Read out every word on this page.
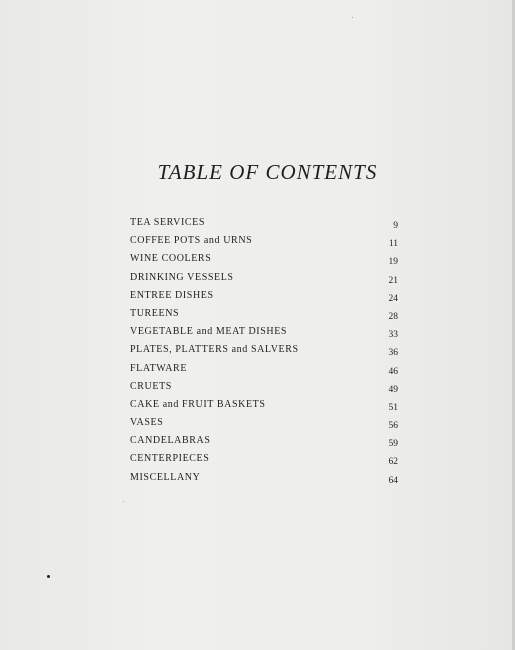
TABLE OF CONTENTS
TEA SERVICES	9
COFFEE POTS and URNS	11
WINE COOLERS	19
DRINKING VESSELS	21
ENTREE DISHES	24
TUREENS	28
VEGETABLE and MEAT DISHES	33
PLATES, PLATTERS and SALVERS	36
FLATWARE	46
CRUETS	49
CAKE and FRUIT BASKETS	51
VASES	56
CANDELABRAS	59
CENTERPIECES	62
MISCELLANY	64
